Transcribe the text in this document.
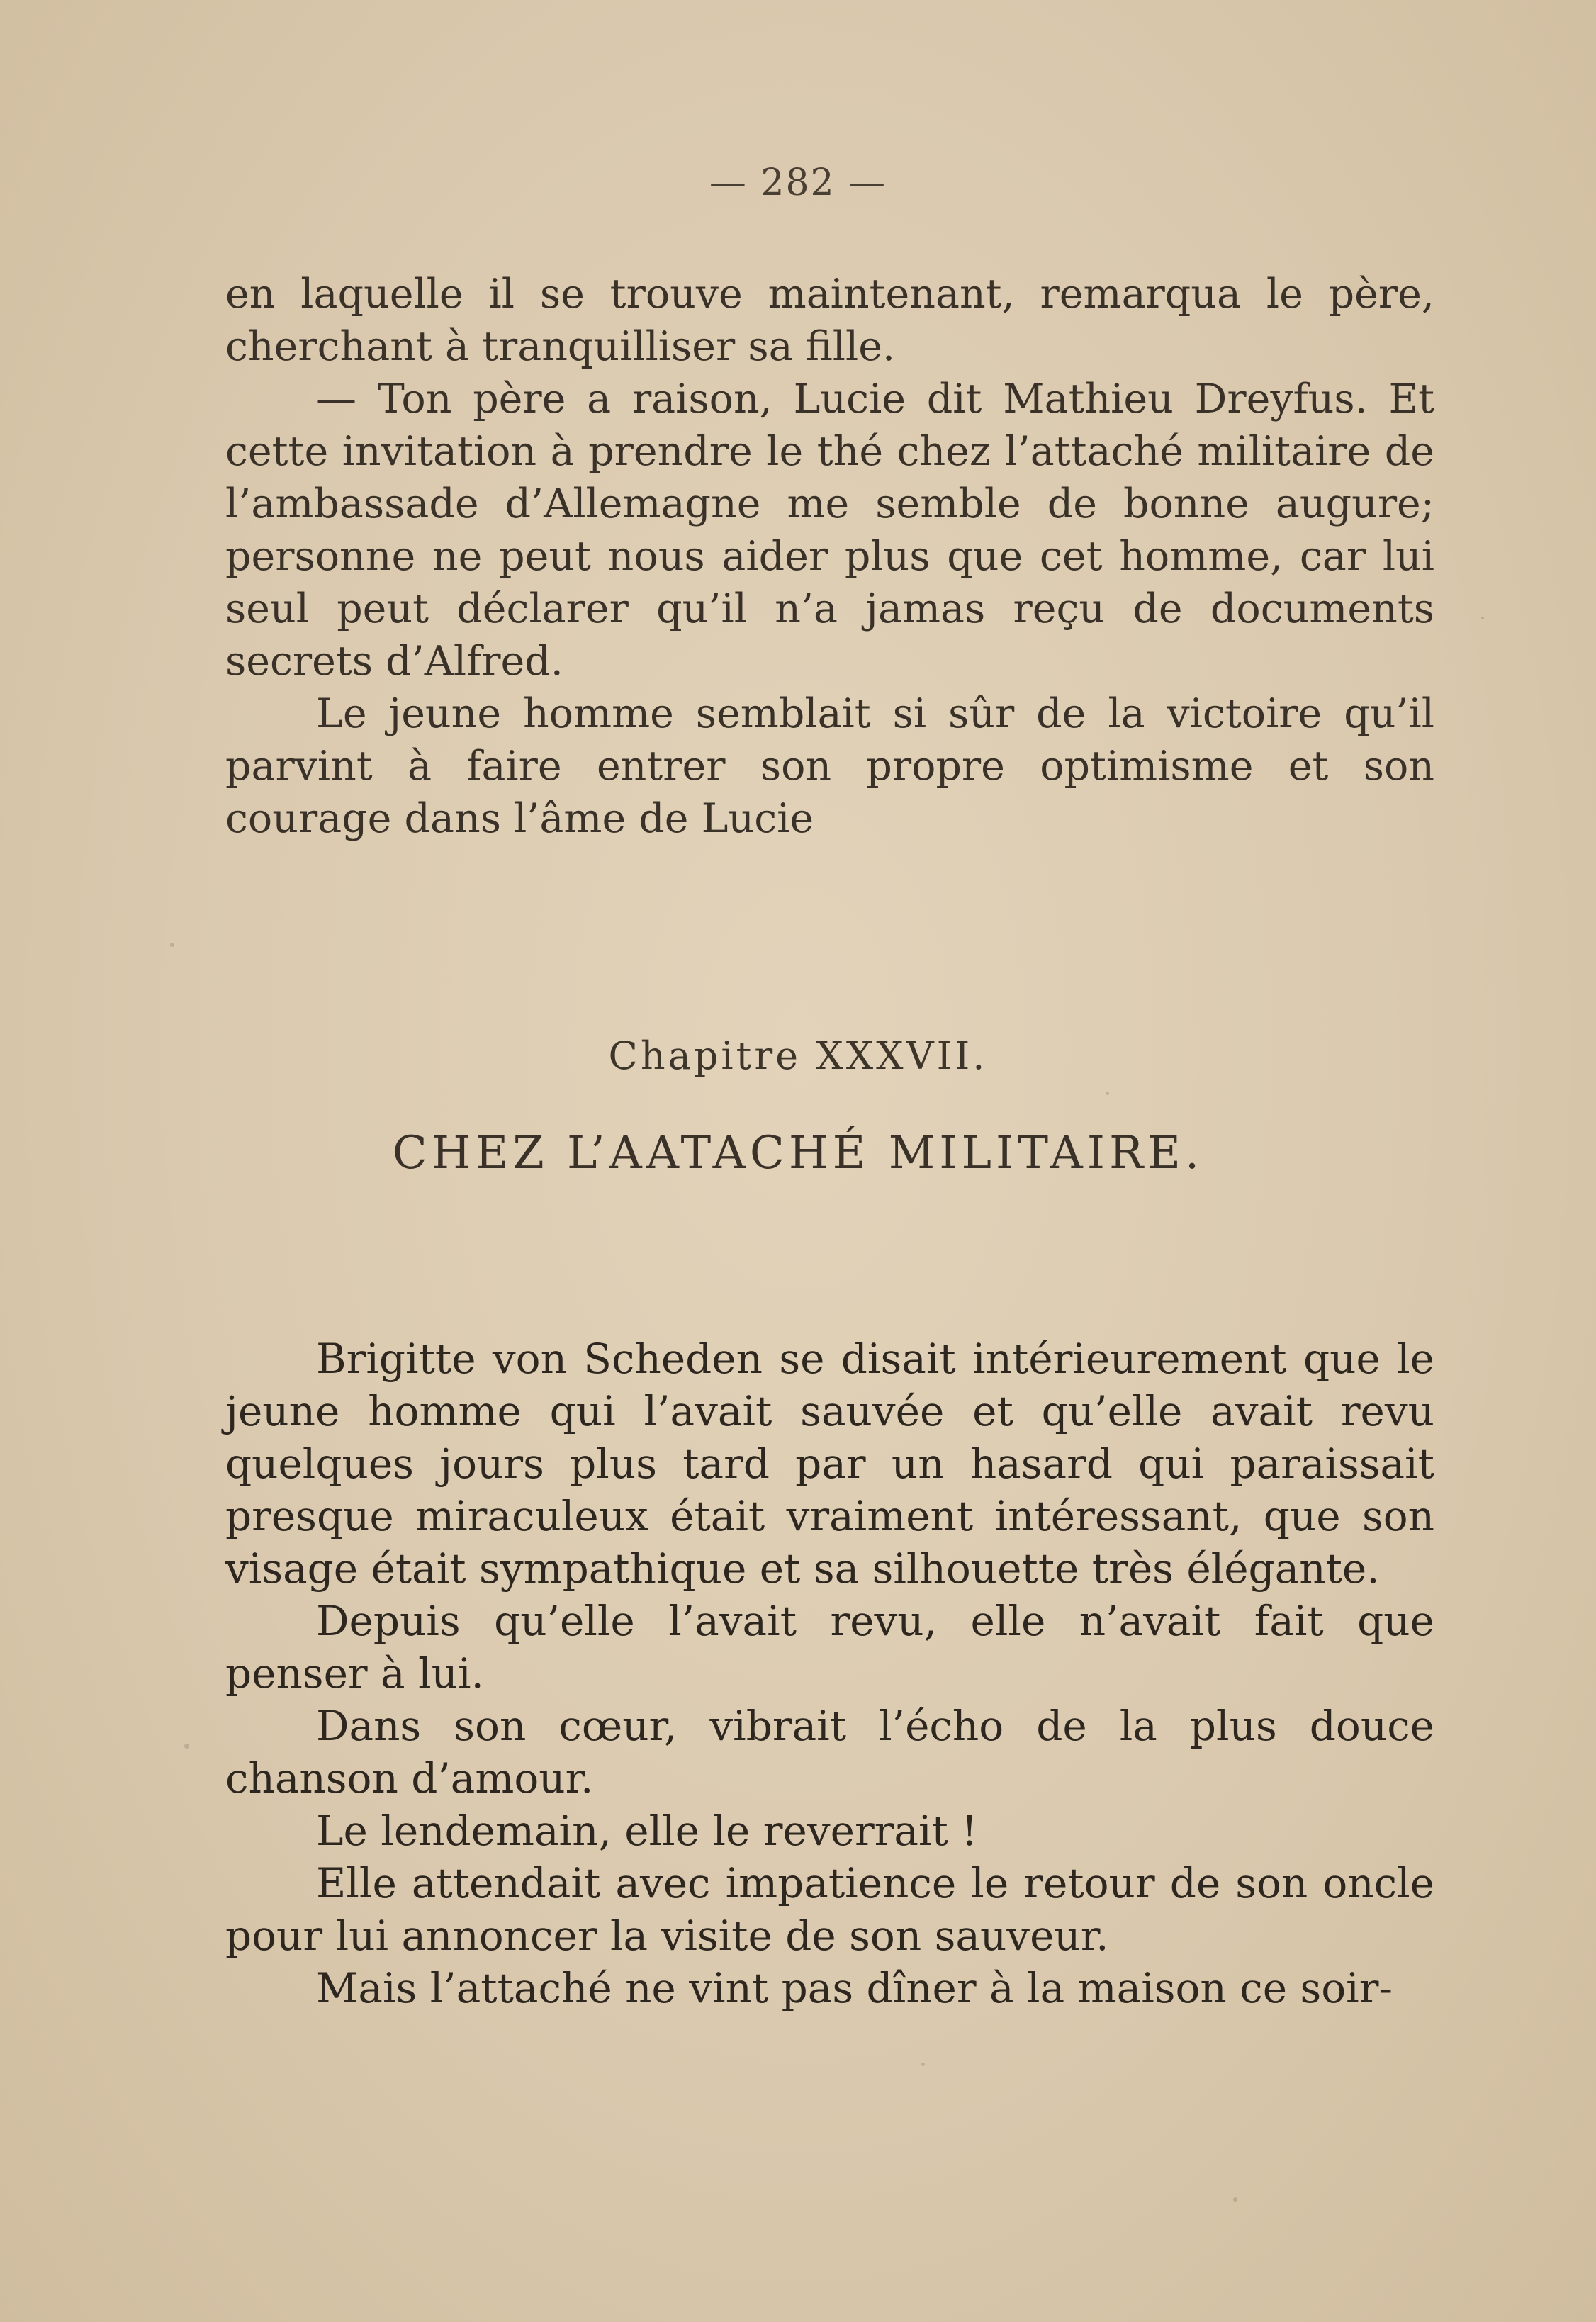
— 282 —

en laquelle il se trouve maintenant, remarqua le père, cherchant à tranquilliser sa fille.

— Ton père a raison, Lucie dit Mathieu Dreyfus. Et cette invitation à prendre le thé chez l’attaché militaire de l’ambassade d’Allemagne me semble de bonne augure; personne ne peut nous aider plus que cet homme, car lui seul peut déclarer qu’il n’a jamas reçu de documents secrets d’Alfred.

Le jeune homme semblait si sûr de la victoire qu’il parvint à faire entrer son propre optimisme et son courage dans l’âme de Lucie

Chapitre XXXVII.
CHEZ L’AATACHÉ MILITAIRE.

Brigitte von Scheden se disait intérieurement que le jeune homme qui l’avait sauvée et qu’elle avait revu quelques jours plus tard par un hasard qui paraissait presque miraculeux était vraiment intéressant, que son visage était sympathique et sa silhouette très élégante.

Depuis qu’elle l’avait revu, elle n’avait fait que penser à lui.

Dans son cœur, vibrait l’écho de la plus douce chanson d’amour.

Le lendemain, elle le reverrait !

Elle attendait avec impatience le retour de son oncle pour lui annoncer la visite de son sauveur.

Mais l’attaché ne vint pas dîner à la maison ce soir-
